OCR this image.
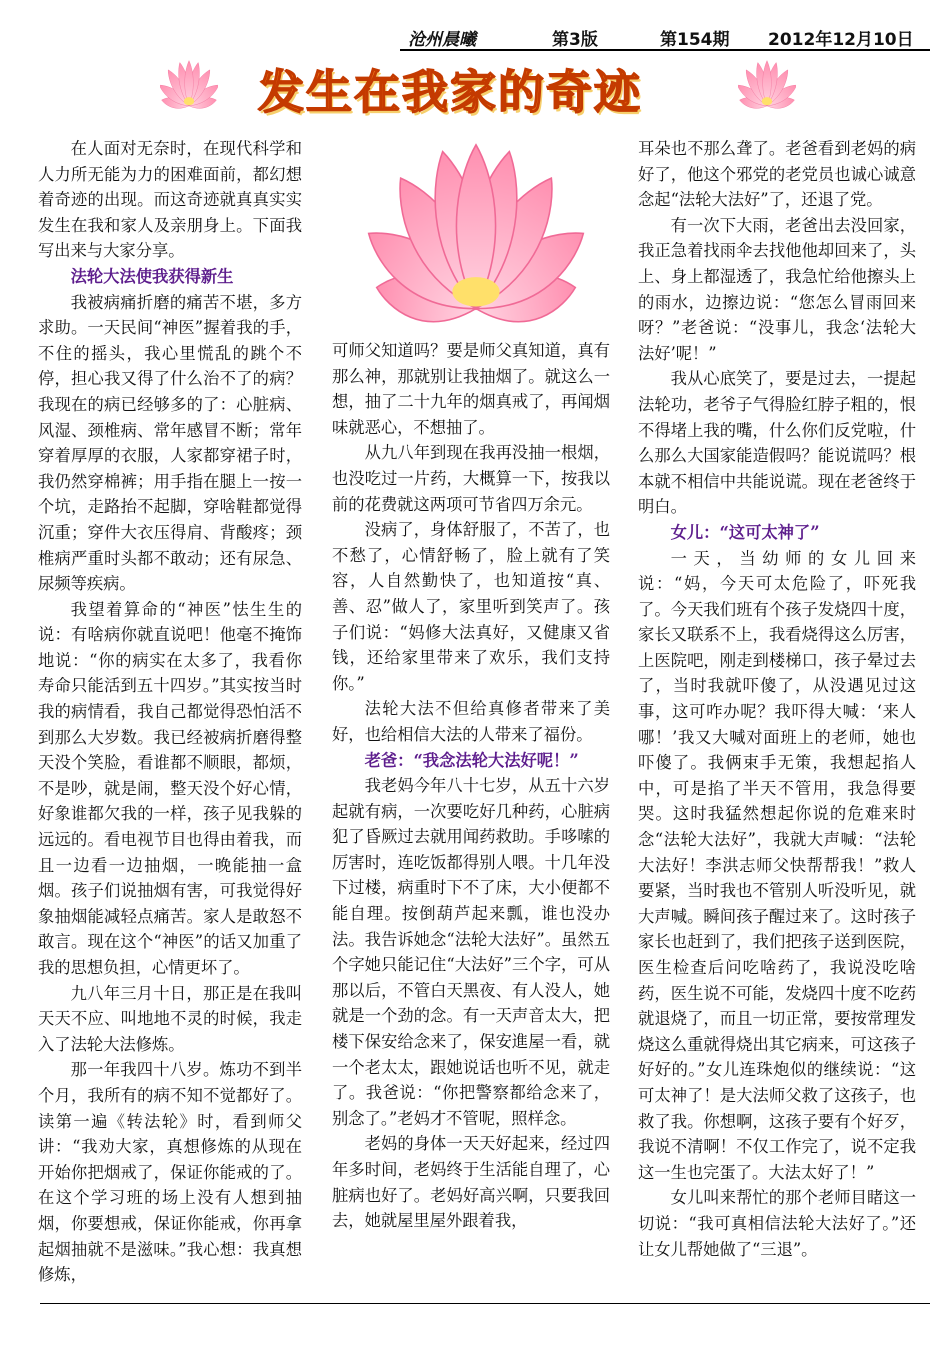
沧州晨曦	第3版	第154期 2012年12月10日
发生在我家的奇迹

在人面对无奈时，在现代科学和人力所无能为力的困难面前，都幻想着奇迹的出现。而这奇迹就真真实实发生在我和家人及亲朋身上。下面我写出来与大家分享。

法轮大法使我获得新生

我被病痛折磨的痛苦不堪，多方求助。一天民间“神医”握着我的手，不住的摇头，我心里慌乱的跳个不停，担心我又得了什么治不了的病？我现在的病已经够多的了：心脏病、风湿、颈椎病、常年感冒不断；常年穿着厚厚的衣服，人家都穿裙子时，我仍然穿棉裤；用手指在腿上一按一个坑，走路抬不起脚，穿啥鞋都觉得沉重；穿件大衣压得肩、背酸疼；颈椎病严重时头都不敢动；还有尿急、尿频等疾病。

我望着算命的“神医”怯生生的说：有啥病你就直说吧！他毫不掩饰地说：“你的病实在太多了，我看你寿命只能活到五十四岁。”其实按当时我的病情看，我自己都觉得恐怕活不到那么大岁数。我已经被病折磨得整天没个笑脸，看谁都不顺眼，都烦，不是吵，就是闹，整天没个好心情，好象谁都欠我的一样，孩子见我躲的远远的。看电视节目也得由着我，而且一边看一边抽烟，一晚能抽一盒烟。孩子们说抽烟有害，可我觉得好象抽烟能减轻点痛苦。家人是敢怒不敢言。现在这个“神医”的话又加重了我的思想负担，心情更坏了。

九八年三月十日，那正是在我叫天天不应、叫地地不灵的时候，我走入了法轮大法修炼。

那一年我四十八岁。炼功不到半个月，我所有的病不知不觉都好了。读第一遍《转法轮》时，看到师父讲：“我劝大家，真想修炼的从现在开始你把烟戒了，保证你能戒的了。在这个学习班的场上没有人想到抽烟，你要想戒，保证你能戒，你再拿起烟抽就不是滋味。”我心想：我真想修炼，

可师父知道吗？要是师父真知道，真有那么神，那就别让我抽烟了。就这么一想，抽了二十九年的烟真戒了，再闻烟味就恶心，不想抽了。

从九八年到现在我再没抽一根烟，也没吃过一片药，大概算一下，按我以前的花费就这两项可节省四万余元。

没病了，身体舒服了，不苦了，也不愁了，心情舒畅了，脸上就有了笑容，人自然勤快了，也知道按“真、善、忍”做人了，家里听到笑声了。孩子们说：“妈修大法真好，又健康又省钱，还给家里带来了欢乐，我们支持你。”

法轮大法不但给真修者带来了美好，也给相信大法的人带来了福份。

老爸：“我念法轮大法好呢！”

我老妈今年八十七岁，从五十六岁起就有病，一次要吃好几种药，心脏病犯了昏厥过去就用闻药救助。手哆嗦的厉害时，连吃饭都得别人喂。十几年没下过楼，病重时下不了床，大小便都不能自理。按倒葫芦起来瓢，谁也没办法。我告诉她念“法轮大法好”。虽然五个字她只能记住“大法好”三个字，可从那以后，不管白天黑夜、有人没人，她就是一个劲的念。有一天声音太大，把楼下保安给念来了，保安進屋一看，就一个老太太，跟她说话也听不见，就走了。我爸说：“你把警察都给念来了，别念了。”老妈才不管呢，照样念。

老妈的身体一天天好起来，经过四年多时间，老妈终于生活能自理了，心脏病也好了。老妈好高兴啊，只要我回去，她就屋里屋外跟着我，

耳朵也不那么聋了。老爸看到老妈的病好了，他这个邪党的老党员也诚心诚意念起“法轮大法好”了，还退了党。

有一次下大雨，老爸出去没回家，我正急着找雨伞去找他他却回来了，头上、身上都湿透了，我急忙给他擦头上的雨水，边擦边说：“您怎么冒雨回来呀？”老爸说：“没事儿，我念‘法轮大法好’呢！”

我从心底笑了，要是过去，一提起法轮功，老爷子气得脸红脖子粗的，恨不得堵上我的嘴，什么你们反党啦，什么那么大国家能造假吗？能说谎吗？根本就不相信中共能说谎。现在老爸终于明白。

女儿：“这可太神了”

一天，当幼师的女儿回来说：“妈，今天可太危险了，吓死我了。今天我们班有个孩子发烧四十度，家长又联系不上，我看烧得这么厉害，上医院吧，刚走到楼梯口，孩子晕过去了，当时我就吓傻了，从没遇见过这事，这可咋办呢？我吓得大喊：‘来人哪！’我又大喊对面班上的老师，她也吓傻了。我俩束手无策，我想起掐人中，可是掐了半天不管用，我急得要哭。这时我猛然想起你说的危难来时念“法轮大法好”，我就大声喊：“法轮大法好！李洪志师父快帮帮我！”救人要紧，当时我也不管别人听没听见，就大声喊。瞬间孩子醒过来了。这时孩子家长也赶到了，我们把孩子送到医院，医生检查后问吃啥药了，我说没吃啥药，医生说不可能，发烧四十度不吃药就退烧了，而且一切正常，要按常理发烧这么重就得烧出其它病来，可这孩子好好的。”女儿连珠炮似的继续说：“这可太神了！是大法师父救了这孩子，也救了我。你想啊，这孩子要有个好歹，我说不清啊！不仅工作完了，说不定我这一生也完蛋了。大法太好了！”

女儿叫来帮忙的那个老师目睹这一切说：“我可真相信法轮大法好了。”还让女儿帮她做了“三退”。
